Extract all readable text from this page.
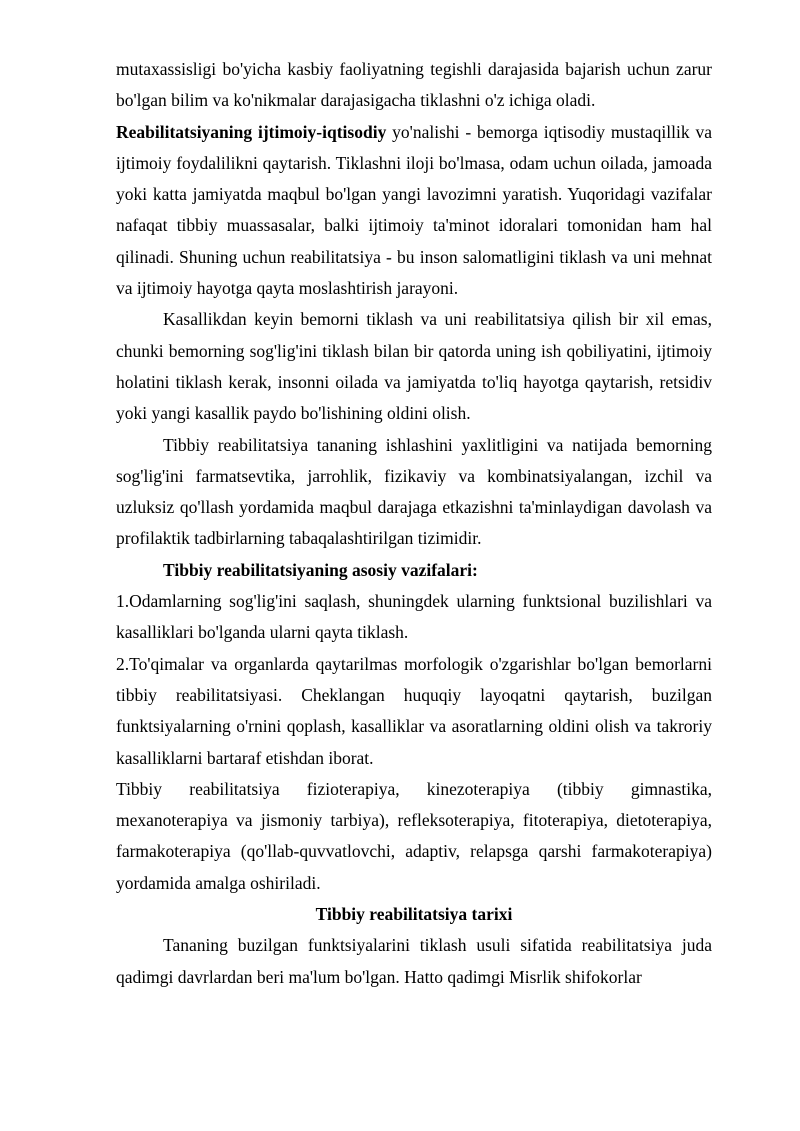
mutaxassisligi bo'yicha kasbiy faoliyatning tegishli darajasida bajarish uchun zarur bo'lgan bilim va ko'nikmalar darajasigacha tiklashni o'z ichiga oladi.

Reabilitatsiyaning ijtimoiy-iqtisodiy yo'nalishi - bemorga iqtisodiy mustaqillik va ijtimoiy foydalilikni qaytarish. Tiklashni iloji bo'lmasa, odam uchun oilada, jamoada yoki katta jamiyatda maqbul bo'lgan yangi lavozimni yaratish. Yuqoridagi vazifalar nafaqat tibbiy muassasalar, balki ijtimoiy ta'minot idoralari tomonidan ham hal qilinadi. Shuning uchun reabilitatsiya - bu inson salomatligini tiklash va uni mehnat va ijtimoiy hayotga qayta moslashtirish jarayoni.

Kasallikdan keyin bemorni tiklash va uni reabilitatsiya qilish bir xil emas, chunki bemorning sog'lig'ini tiklash bilan bir qatorda uning ish qobiliyatini, ijtimoiy holatini tiklash kerak, insonni oilada va jamiyatda to'liq hayotga qaytarish, retsidiv yoki yangi kasallik paydo bo'lishining oldini olish.

Tibbiy reabilitatsiya tananing ishlashini yaxlitligini va natijada bemorning sog'lig'ini farmatsevtika, jarrohlik, fizikaviy va kombinatsiyalangan, izchil va uzluksiz qo'llash yordamida maqbul darajaga etkazishni ta'minlaydigan davolash va profilaktik tadbirlarning tabaqalashtirilgan tizimidir.

Tibbiy reabilitatsiyaning asosiy vazifalari:

1.Odamlarning sog'lig'ini saqlash, shuningdek ularning funktsional buzilishlari va kasalliklari bo'lganda ularni qayta tiklash.

2.To'qimalar va organlarda qaytarilmas morfologik o'zgarishlar bo'lgan bemorlarni tibbiy reabilitatsiyasi. Cheklangan huquqiy layoqatni qaytarish, buzilgan funktsiyalarning o'rnini qoplash, kasalliklar va asoratlarning oldini olish va takroriy kasalliklarni bartaraf etishdan iborat.

Tibbiy reabilitatsiya fizioterapiya, kinezoterapiya (tibbiy gimnastika, mexanoterapiya va jismoniy tarbiya), refleksoterapiya, fitoterapiya, dietoterapiya, farmakoterapiya (qo'llab-quvvatlovchi, adaptiv, relapsga qarshi farmakoterapiya) yordamida amalga oshiriladi.

Tibbiy reabilitatsiya tarixi

Tananing buzilgan funktsiyalarini tiklash usuli sifatida reabilitatsiya juda qadimgi davrlardan beri ma'lum bo'lgan. Hatto qadimgi Misrlik shifokorlar
